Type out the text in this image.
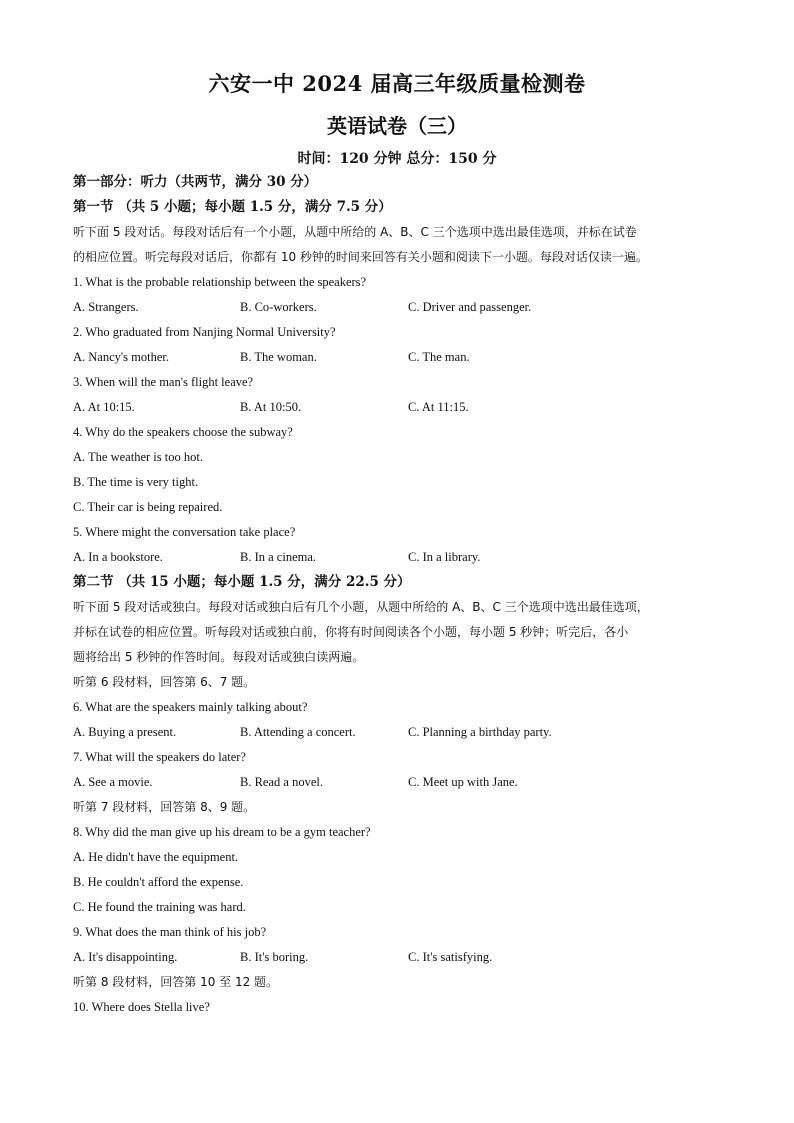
六安一中 2024 届高三年级质量检测卷
英语试卷（三）
时间：120 分钟 总分：150 分
第一部分：听力（共两节，满分 30 分）
第一节 （共 5 小题；每小题 1.5 分，满分 7.5 分）
听下面 5 段对话。每段对话后有一个小题，从题中所给的 A、B、C 三个选项中选出最佳选项，并标在试卷
的相应位置。听完每段对话后，你都有 10 秒钟的时间来回答有关小题和阅读下一小题。每段对话仅读一遍。
1. What is the probable relationship between the speakers?
A. Strangers.	B. Co-workers.	C. Driver and passenger.
2. Who graduated from Nanjing Normal University?
A. Nancy's mother.	B. The woman.	C. The man.
3. When will the man's flight leave?
A. At 10:15.	B. At 10:50.	C. At 11:15.
4. Why do the speakers choose the subway?
A. The weather is too hot.
B. The time is very tight.
C. Their car is being repaired.
5. Where might the conversation take place?
A. In a bookstore.	B. In a cinema.	C. In a library.
第二节 （共 15 小题；每小题 1.5 分，满分 22.5 分）
听下面 5 段对话或独白。每段对话或独白后有几个小题，从题中所给的 A、B、C 三个选项中选出最佳选项，
并标在试卷的相应位置。听每段对话或独白前，你将有时间阅读各个小题，每小题 5 秒钟；听完后，各小
题将给出 5 秒钟的作答时间。每段对话或独白读两遍。
听第 6 段材料，回答第 6、7 题。
6. What are the speakers mainly talking about?
A. Buying a present.	B. Attending a concert.	C. Planning a birthday party.
7. What will the speakers do later?
A. See a movie.	B. Read a novel.	C. Meet up with Jane.
听第 7 段材料，回答第 8、9 题。
8. Why did the man give up his dream to be a gym teacher?
A. He didn't have the equipment.
B. He couldn't afford the expense.
C. He found the training was hard.
9. What does the man think of his job?
A. It's disappointing.	B. It's boring.	C. It's satisfying.
听第 8 段材料，回答第 10 至 12 题。
10. Where does Stella live?
